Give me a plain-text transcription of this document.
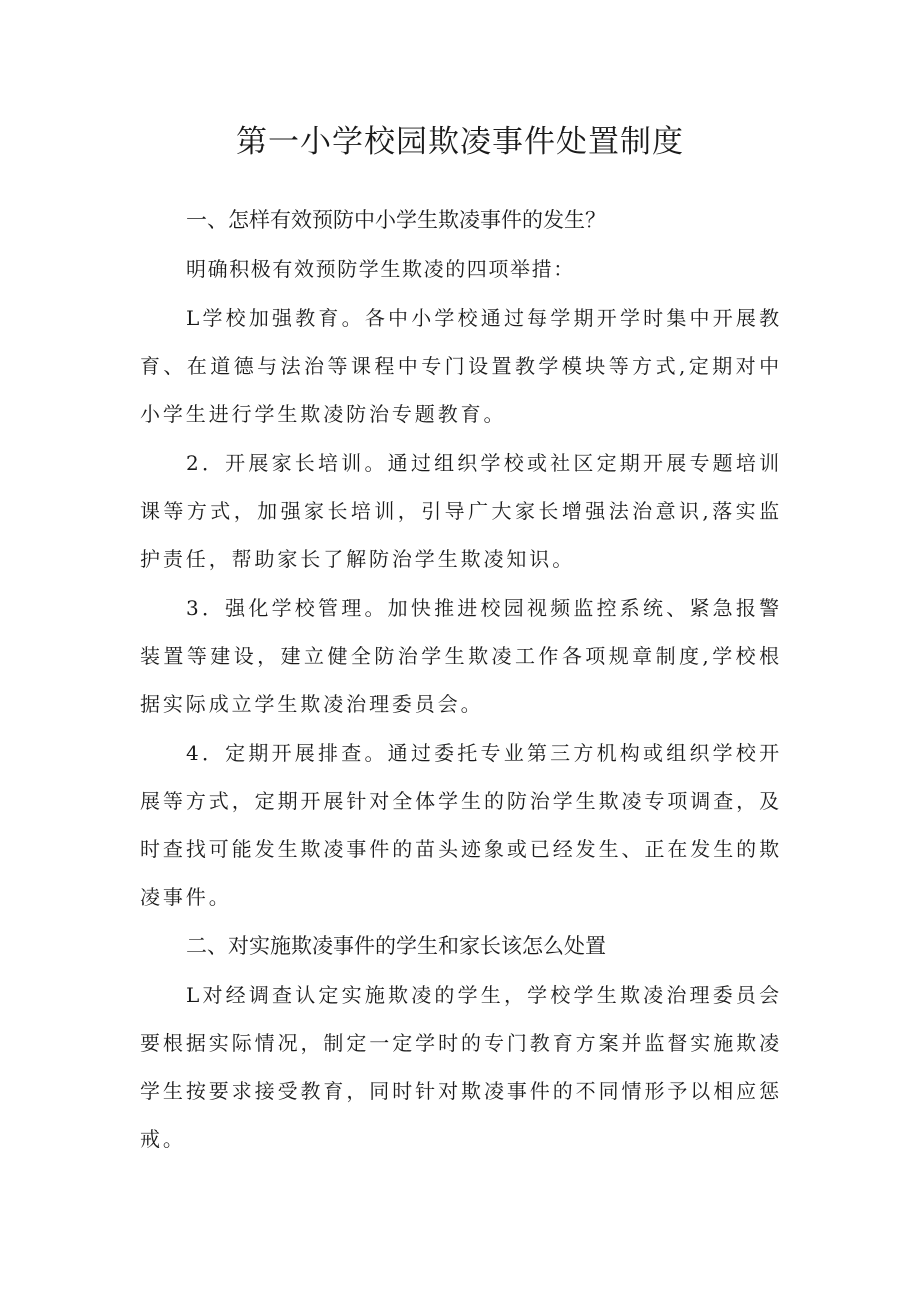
第一小学校园欺凌事件处置制度
一、怎样有效预防中小学生欺凌事件的发生？

明确积极有效预防学生欺凌的四项举措：

L学校加强教育。各中小学校通过每学期开学时集中开展教育、在道德与法治等课程中专门设置教学模块等方式,定期对中小学生进行学生欺凌防治专题教育。

2．开展家长培训。通过组织学校或社区定期开展专题培训课等方式，加强家长培训，引导广大家长增强法治意识,落实监护责任，帮助家长了解防治学生欺凌知识。

3．强化学校管理。加快推进校园视频监控系统、紧急报警装置等建设，建立健全防治学生欺凌工作各项规章制度,学校根据实际成立学生欺凌治理委员会。

4．定期开展排查。通过委托专业第三方机构或组织学校开展等方式，定期开展针对全体学生的防治学生欺凌专项调查，及时查找可能发生欺凌事件的苗头迹象或已经发生、正在发生的欺凌事件。

二、对实施欺凌事件的学生和家长该怎么处置

L对经调查认定实施欺凌的学生，学校学生欺凌治理委员会要根据实际情况，制定一定学时的专门教育方案并监督实施欺凌学生按要求接受教育，同时针对欺凌事件的不同情形予以相应惩戒。
